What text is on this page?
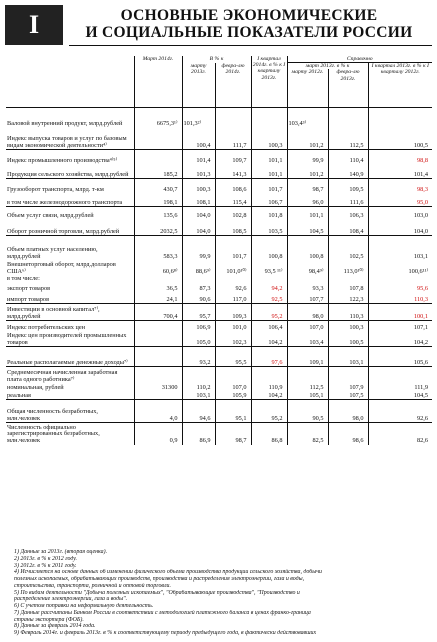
I	ОСНОВНЫЕ ЭКОНОМИЧЕСКИЕ
И СОЦИАЛЬНЫЕ ПОКАЗАТЕЛИ РОССИИ
	Март 2014г.	В % к		I квартал 2014г. в % к I кварталу 2013г.	Справочно		
		марту 2013г.	февра-лю 2014г.		март 2013г. в % к		I квартал 2013г. в % к I кварталу 2012г.
					марту 2012г.	февра-лю 2013г.	
Валовой внутренний продукт, млрд.рублей	6675,3¹⁾	101,3²⁾			103,4³⁾		
Индекс выпуска товаров и услуг по базовым видам экономической деятельности⁴⁾		100,4	111,7	100,3	101,2	112,5	100,5
Индекс промышленного производства⁴⁾⁵⁾		101,4	109,7	101,1	99,9	110,4	98,8
Продукция сельского хозяйства, млрд.рублей	185,2	101,3	141,3	101,1	101,2	140,9	101,4
Грузооборот транспорта, млрд. т-км	430,7	100,3	108,6	101,7	98,7	109,5	98,3
в том числе железнодорожного транспорта	198,1	108,1	115,4	106,7	96,0	111,6	95,0
Объем услуг связи, млрд.рублей	135,6	104,0	102,8	101,8	101,1	106,3	103,0
Оборот розничной торговли, млрд.рублей	2032,5	104,0	108,5	103,5	104,5	108,4	104,0
Объем платных услуг населению, млрд.рублей	583,3	99,9	101,7	100,8	100,8	102,5	103,1
Внешнеторговый оборот, млрд.долларов США⁶⁾	60,6⁸⁾	88,6⁹⁾	101,0¹⁰⁾	93,5 ¹¹⁾	98,4⁹⁾	113,0¹⁰⁾	100,6¹¹⁾
в том числе:							
экспорт товаров	36,5	87,3	92,6	94,2	93,3	107,8	95,6
импорт товаров	24,1	90,6	117,0	92,5	107,7	122,3	110,3
Инвестиции в основной капитал⁷⁾, млрд.рублей	700,4	95,7	109,3	95,2	98,0	110,3	100,1
Индекс потребительских цен		106,9	101,0	106,4	107,0	100,3	107,1
Индекс цен производителей промышленных товаров		105,0	102,3	104,2	103,4	100,5	104,2
Реальные располагаемые денежные доходы⁷⁾		93,2	95,5	97,6	109,1	103,1	105,6
Среднемесячная начисленная заработная плата одного работника⁷⁾							
номинальная, рублей	31300	110,2	107,0	110,9	112,5	107,9	111,9
реальная		103,1	105,9	104,2	105,1	107,5	104,5
Общая численность безработных, млн.человек	4,0	94,6	95,1	95,2	90,5	98,0	92,6
Численность официально зарегистрированных безработных, млн.человек	0,9	86,9	98,7	86,8	82,5	98,6	82,6
1) Данные за 2013г. (вторая оценка).
2) 2013г. в % к 2012 году.
3) 2012г. в % к 2011 году.
4) Исчисляется на основе данных об изменении физического объема производства продукции сельского хозяйства, добычи
полезных ископаемых, обрабатывающих производств, производства и распределения электроэнергии, газа и воды,
строительства, транспорта, розничной и оптовой торговли.
5) По видам деятельности "Добыча полезных ископаемых", "Обрабатывающие производства", "Производство и
распределение электроэнергии, газа и воды".
6) С учетом поправки на неформальную деятельность.
7) Данные рассчитаны Банком России в соответствии с методологией платежного баланса в ценах франко-граница
страны экспортера (ФОБ).
8) Данные за февраль 2014 года.
9) Февраль 2014г. и февраль 2013г. в % к соответствующему периоду предыдущего года, в фактически действовавших
